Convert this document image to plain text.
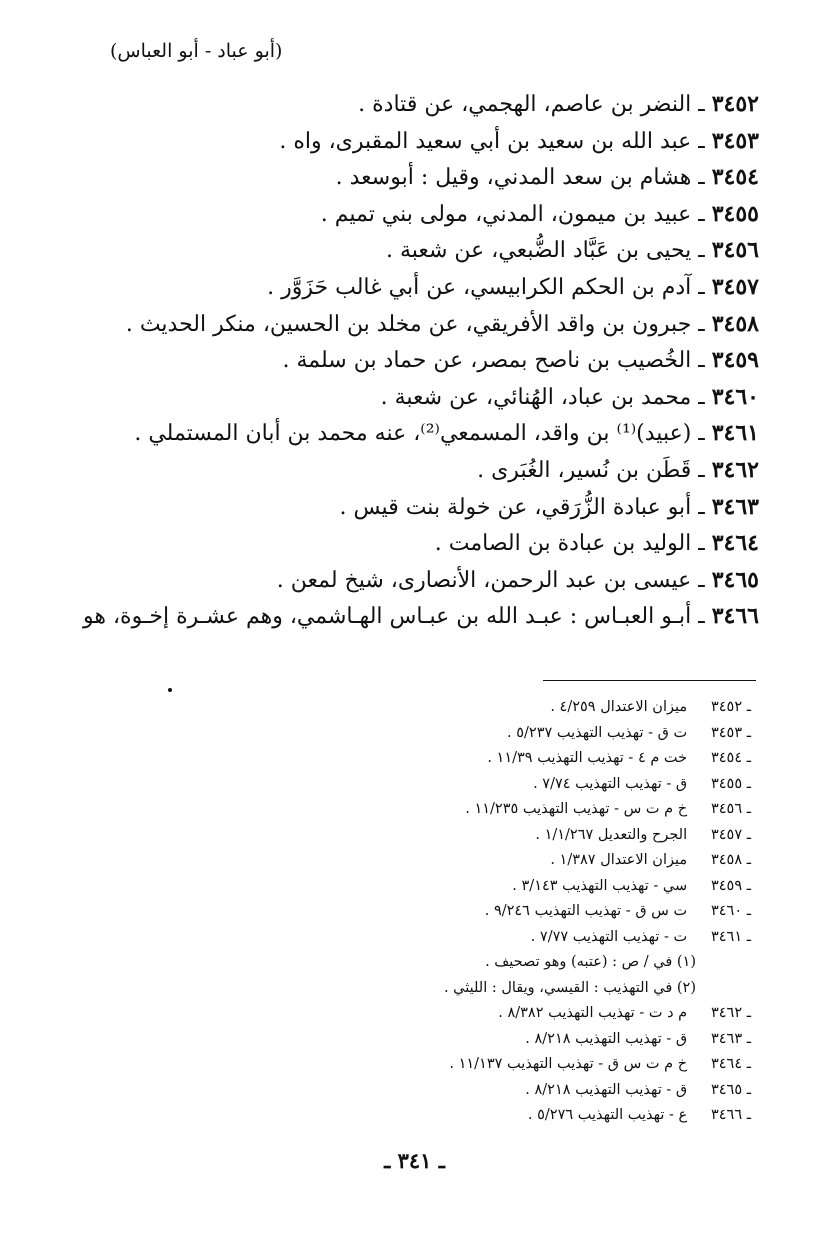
(أبو عباد - أبو العباس)
٣٤٥٢ ـ النضر بن عاصم، الهجمي، عن قتادة .
٣٤٥٣ ـ عبد الله بن سعيد بن أبي سعيد المقبرى، واه .
٣٤٥٤ ـ هشام بن سعد المدني، وقيل : أبوسعد .
٣٤٥٥ ـ عبيد بن ميمون، المدني، مولى بني تميم .
٣٤٥٦ ـ يحيى بن عَبَّاد الضُّبعي، عن شعبة .
٣٤٥٧ ـ آدم بن الحكم الكرابيسي، عن أبي غالب حَزَوَّر .
٣٤٥٨ ـ جبرون بن واقد الأفريقي، عن مخلد بن الحسين، منكر الحديث .
٣٤٥٩ ـ الخُصيب بن ناصح بمصر، عن حماد بن سلمة .
٣٤٦٠ ـ محمد بن عباد، الهُنائي، عن شعبة .
٣٤٦١ ـ (عبيد)⁽¹⁾ بن واقد، المسمعي⁽²⁾، عنه محمد بن أبان المستملي .
٣٤٦٢ ـ قَطَن بن نُسير، الغُبَرى .
٣٤٦٣ ـ أبو عبادة الزُّرَقي، عن خولة بنت قيس .
٣٤٦٤ ـ الوليد بن عبادة بن الصامت .
٣٤٦٥ ـ عيسى بن عبد الرحمن، الأنصارى، شيخ لمعن .
٣٤٦٦ ـ أبـو العبـاس : عبـد الله بن عبـاس الهـاشمي، وهم عشـرة إخـوة، هو
ـ ٣٤٥٢ميزان الاعتدال ٤/٢٥٩ .
ـ ٣٤٥٣ت ق - تهذيب التهذيب ٥/٢٣٧ .
ـ ٣٤٥٤خت م ٤ - تهذيب التهذيب ١١/٣٩ .
ـ ٣٤٥٥ق - تهذيب التهذيب ٧/٧٤ .
ـ ٣٤٥٦خ م ت س - تهذيب التهذيب ١١/٢٣٥ .
ـ ٣٤٥٧الجرح والتعديل ١/١/٢٦٧ .
ـ ٣٤٥٨ميزان الاعتدال ١/٣٨٧ .
ـ ٣٤٥٩سي - تهذيب التهذيب ٣/١٤٣ .
ـ ٣٤٦٠ت س ق - تهذيب التهذيب ٩/٢٤٦ .
ـ ٣٤٦١ت - تهذيب التهذيب ٧/٧٧ .
(١) في / ص : (عتبه) وهو تصحيف .
(٢) في التهذيب : القيسي، ويقال : الليثي .
ـ ٣٤٦٢م د ت - تهذيب التهذيب ٨/٣٨٢ .
ـ ٣٤٦٣ق - تهذيب التهذيب ٨/٢١٨ .
ـ ٣٤٦٤خ م ت س ق - تهذيب التهذيب ١١/١٣٧ .
ـ ٣٤٦٥ق - تهذيب التهذيب ٨/٢١٨ .
ـ ٣٤٦٦ع - تهذيب التهذيب ٥/٢٧٦ .
ـ ٣٤١ ـ
